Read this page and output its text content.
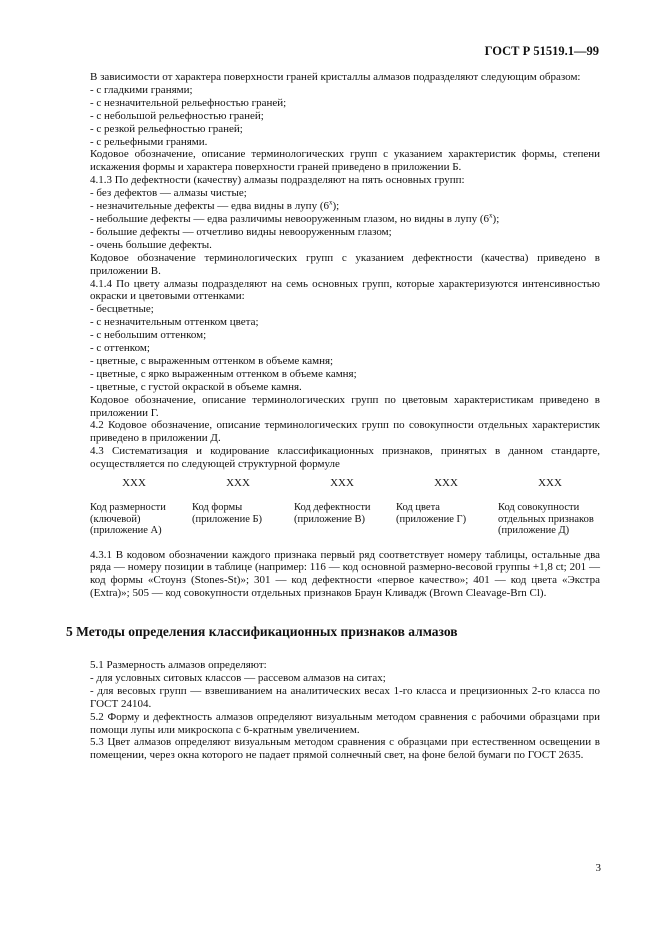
ГОСТ Р 51519.1—99

В зависимости от характера поверхности граней кристаллы алмазов подразделяют следующим образом:

- с гладкими гранями;

- с незначительной рельефностью граней;

- с небольшой рельефностью граней;

- с резкой рельефностью граней;

- с рельефными гранями.

Кодовое обозначение, описание терминологических групп с указанием характеристик формы, степени искажения формы и характера поверхности граней приведено в приложении Б.

4.1.3 По дефектности (качеству) алмазы подразделяют на пять основных групп:

- без дефектов — алмазы чистые;

- незначительные дефекты — едва видны в лупу (6$^x$);

- небольшие дефекты — едва различимы невооруженным глазом, но видны в лупу (6$^x$);

- большие дефекты — отчетливо видны невооруженным глазом;

- очень большие дефекты.

Кодовое обозначение терминологических групп с указанием дефектности (качества) приведено в приложении В.

4.1.4 По цвету алмазы подразделяют на семь основных групп, которые характеризуются интенсивностью окраски и цветовыми оттенками:

- бесцветные;

- с незначительным оттенком цвета;

- с небольшим оттенком;

- с оттенком;

- цветные, с выраженным оттенком в объеме камня;

- цветные, с ярко выраженным оттенком в объеме камня;

- цветные, с густой окраской в объеме камня.

Кодовое обозначение, описание терминологических групп по цветовым характеристикам приведено в приложении Г.

4.2 Кодовое обозначение, описание терминологических групп по совокупности отдельных характеристик приведено в приложении Д.

4.3 Систематизация и кодирование классификационных признаков, принятых в данном стандарте, осуществляется по следующей структурной формуле

XXX	XXX	XXX	XXX	XXX
Код размерности (ключевой) (приложение А)
Код формы (приложение Б)
Код дефектности (приложение В)
Код цвета (приложение Г)
Код совокупности отдельных признаков (приложение Д)

4.3.1 В кодовом обозначении каждого признака первый ряд соответствует номеру таблицы, остальные два ряда — номеру позиции в таблице (например: 116 — код основной размерно-весовой группы +1,8 ct; 201 — код формы «Стоунз (Stones-St)»; 301 — код дефектности «первое качество»; 401 — код цвета «Экстра (Extra)»; 505 — код совокупности отдельных признаков Браун Кливадж (Brown Cleavage-Brn Cl).

5 Методы определения классификационных признаков алмазов

5.1 Размерность алмазов определяют:

- для условных ситовых классов — рассевом алмазов на ситах;

- для весовых групп — взвешиванием на аналитических весах 1-го класса и прецизионных 2-го класса по ГОСТ 24104.

5.2 Форму и дефектность алмазов определяют визуальным методом сравнения с рабочими образцами при помощи лупы или микроскопа с 6-кратным увеличением.

5.3 Цвет алмазов определяют визуальным методом сравнения с образцами при естественном освещении в помещении, через окна которого не падает прямой солнечный свет, на фоне белой бумаги по ГОСТ 2635.

3
